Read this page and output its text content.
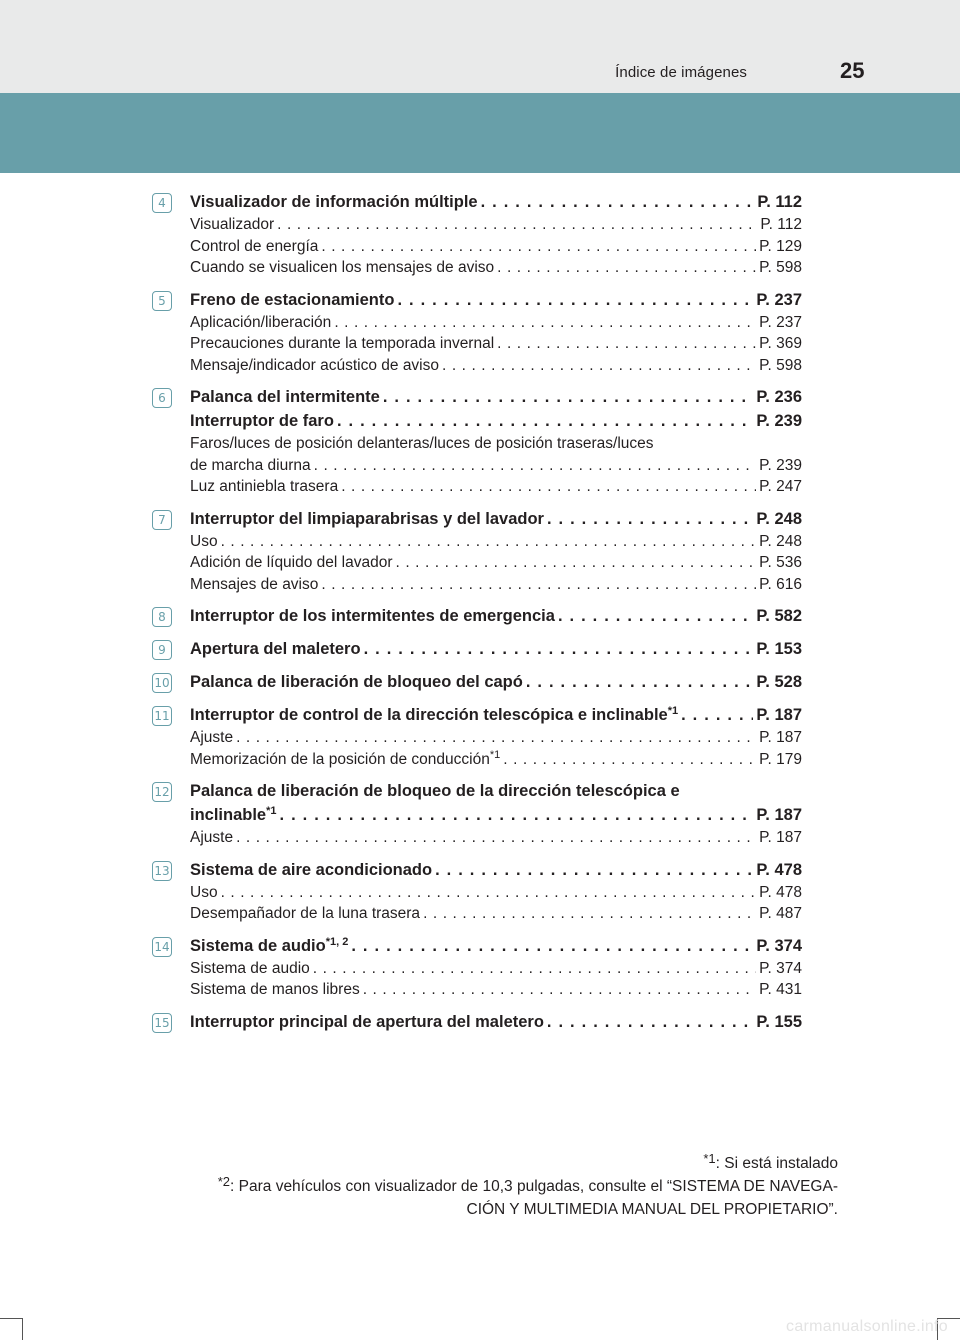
Índice de imágenes	25
4	Visualizador de información múltiple . . .	P. 112
Visualizador . . .	P. 112
Control de energía . . .	P. 129
Cuando se visualicen los mensajes de aviso . . .	P. 598
5	Freno de estacionamiento . . .	P. 237
Aplicación/liberación . . .	P. 237
Precauciones durante la temporada invernal . . .	P. 369
Mensaje/indicador acústico de aviso . . .	P. 598
6	Palanca del intermitente . . .	P. 236
Interruptor de faro . . .	P. 239
Faros/luces de posición delanteras/luces de posición traseras/luces
de marcha diurna . . .	P. 239
Luz antiniebla trasera . . .	P. 247
7	Interruptor del limpiaparabrisas y del lavador . . .	P. 248
Uso . . .	P. 248
Adición de líquido del lavador . . .	P. 536
Mensajes de aviso . . .	P. 616
8	Interruptor de los intermitentes de emergencia . . .	P. 582
9	Apertura del maletero . . .	P. 153
10 Palanca de liberación de bloqueo del capó . . .	P. 528
11 Interruptor de control de la dirección telescópica e inclinable$^{*1}$ . . .	P. 187
Ajuste . . .	P. 187
Memorización de la posición de conducción$^{*1}$ . . .	P. 179
12 Palanca de liberación de bloqueo de la dirección telescópica e
inclinable$^{*1}$ . . .	P. 187
Ajuste . . .	P. 187
13 Sistema de aire acondicionado . . .	P. 478
Uso . . .	P. 478
Desempañador de la luna trasera . . .	P. 487
14 Sistema de audio$^{*1, 2}$ . . .	P. 374
Sistema de audio . . .	P. 374
Sistema de manos libres . . .	P. 431
15 Interruptor principal de apertura del maletero . . .	P. 155
$^{*1}$: Si está instalado
$^{*2}$: Para vehículos con visualizador de 10,3 pulgadas, consulte el “SISTEMA DE NAVEGA-
CIÓN Y MULTIMEDIA MANUAL DEL PROPIETARIO”.
carmanualsonline.info
